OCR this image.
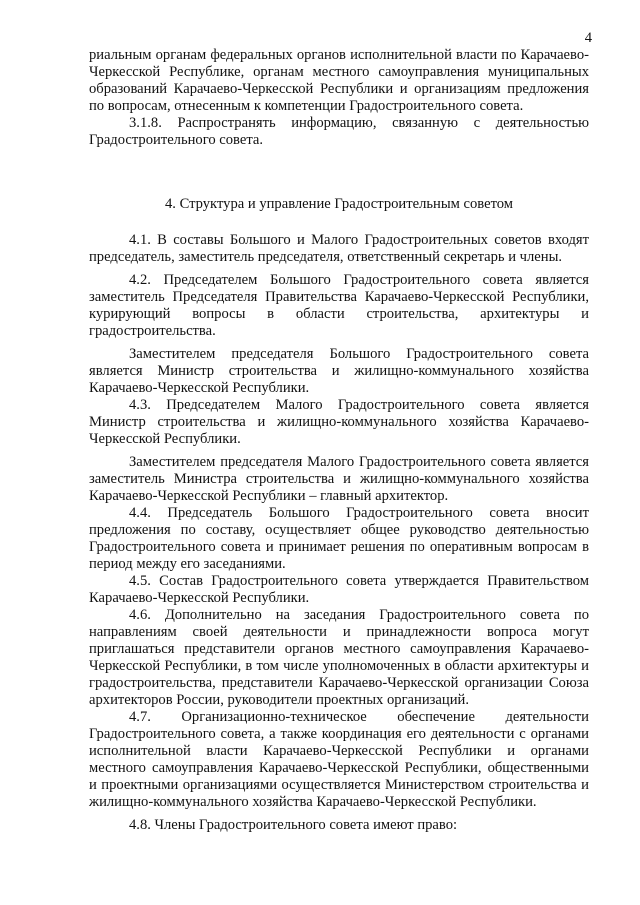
4

риальным органам федеральных органов исполнительной власти по Карачаево-Черкесской Республике, органам местного самоуправления муниципальных образований Карачаево-Черкесской Республики и организациям предложения по вопросам, отнесенным к компетенции Градостроительного совета.

3.1.8. Распространять информацию, связанную с деятельностью Градостроительного совета.

4. Структура и управление Градостроительным советом

4.1. В составы Большого и Малого Градостроительных советов входят председатель, заместитель председателя, ответственный секретарь и члены.

4.2. Председателем Большого Градостроительного совета является заместитель Председателя Правительства Карачаево-Черкесской Республики, курирующий вопросы в области строительства, архитектуры и градостроительства.

Заместителем председателя Большого Градостроительного совета является Министр строительства и жилищно-коммунального хозяйства Карачаево-Черкесской Республики.

4.3. Председателем Малого Градостроительного совета является Министр строительства и жилищно-коммунального хозяйства Карачаево-Черкесской Республики.

Заместителем председателя Малого Градостроительного совета является заместитель Министра строительства и жилищно-коммунального хозяйства Карачаево-Черкесской Республики – главный архитектор.

4.4. Председатель Большого Градостроительного совета вносит предложения по составу, осуществляет общее руководство деятельностью Градостроительного совета и принимает решения по оперативным вопросам в период между его заседаниями.

4.5. Состав Градостроительного совета утверждается Правительством Карачаево-Черкесской Республики.

4.6. Дополнительно на заседания Градостроительного совета по направлениям своей деятельности и принадлежности вопроса могут приглашаться представители органов местного самоуправления Карачаево-Черкесской Республики, в том числе уполномоченных в области архитектуры и градостроительства, представители Карачаево-Черкесской организации Союза архитекторов России, руководители проектных организаций.

4.7. Организационно-техническое обеспечение деятельности Градостроительного совета, а также координация его деятельности с органами исполнительной власти Карачаево-Черкесской Республики и органами местного самоуправления Карачаево-Черкесской Республики, общественными и проектными организациями осуществляется Министерством строительства и жилищно-коммунального хозяйства Карачаево-Черкесской Республики.

4.8. Члены Градостроительного совета имеют право:
